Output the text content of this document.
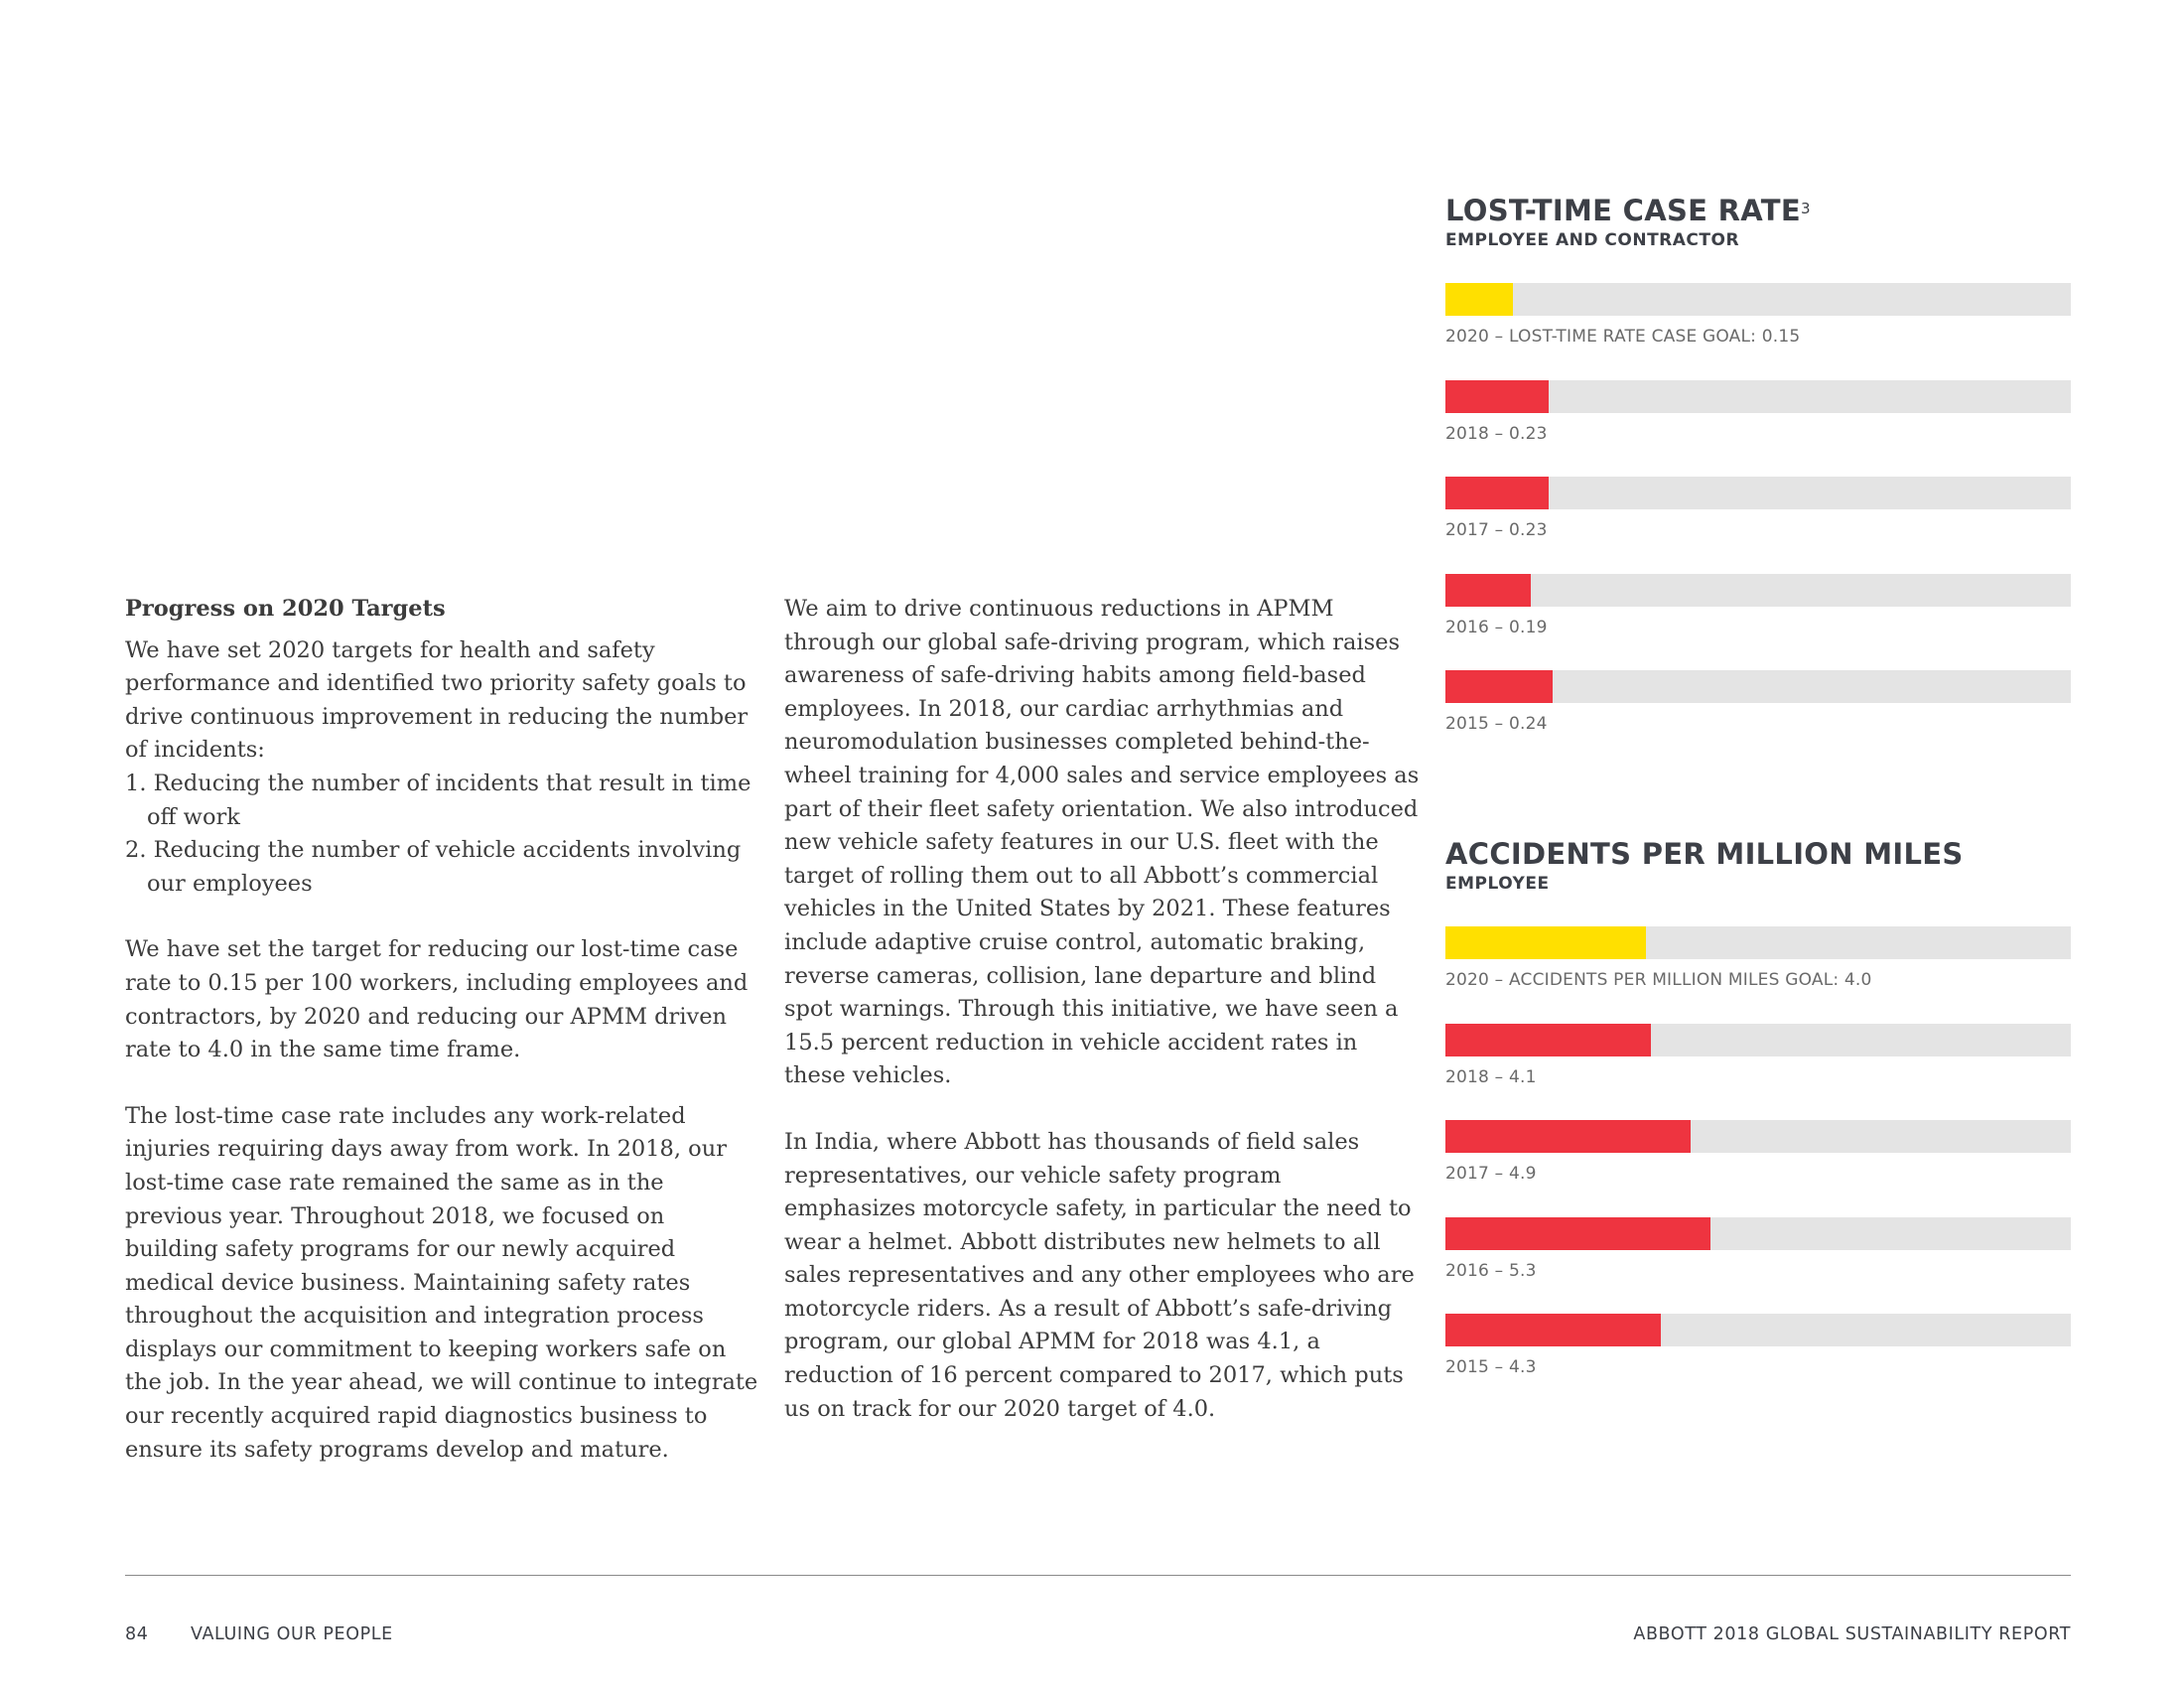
Progress on 2020 Targets

We have set 2020 targets for health and safety performance and identified two priority safety goals to drive continuous improvement in reducing the number of incidents:

1. Reducing the number of incidents that result in time off work
2. Reducing the number of vehicle accidents involving our employees

We have set the target for reducing our lost-time case rate to 0.15 per 100 workers, including employees and contractors, by 2020 and reducing our APMM driven rate to 4.0 in the same time frame.

The lost-time case rate includes any work-related injuries requiring days away from work. In 2018, our lost-time case rate remained the same as in the previous year. Throughout 2018, we focused on building safety programs for our newly acquired medical device business. Maintaining safety rates throughout the acquisition and integration process displays our commitment to keeping workers safe on the job. In the year ahead, we will continue to integrate our recently acquired rapid diagnostics business to ensure its safety programs develop and mature.

We aim to drive continuous reductions in APMM through our global safe-driving program, which raises awareness of safe-driving habits among field-based employees. In 2018, our cardiac arrhythmias and neuromodulation businesses completed behind-the-wheel training for 4,000 sales and service employees as part of their fleet safety orientation. We also introduced new vehicle safety features in our U.S. fleet with the target of rolling them out to all Abbott’s commercial vehicles in the United States by 2021. These features include adaptive cruise control, automatic braking, reverse cameras, collision, lane departure and blind spot warnings. Through this initiative, we have seen a 15.5 percent reduction in vehicle accident rates in these vehicles.

In India, where Abbott has thousands of field sales representatives, our vehicle safety program emphasizes motorcycle safety, in particular the need to wear a helmet. Abbott distributes new helmets to all sales representatives and any other employees who are motorcycle riders. As a result of Abbott’s safe-driving program, our global APMM for 2018 was 4.1, a reduction of 16 percent compared to 2017, which puts us on track for our 2020 target of 4.0.

LOST-TIME CASE RATE$^3$
EMPLOYEE AND CONTRACTOR
2020 – LOST-TIME RATE CASE GOAL: 0.15
2018 – 0.23
2017 – 0.23
2016 – 0.19
2015 – 0.24
ACCIDENTS PER MILLION MILES
EMPLOYEE
2020 – ACCIDENTS PER MILLION MILES GOAL: 4.0
2018 – 4.1
2017 – 4.9
2016 – 5.3
2015 – 4.3
84 VALUING OUR PEOPLE	ABBOTT 2018 GLOBAL SUSTAINABILITY REPORT
